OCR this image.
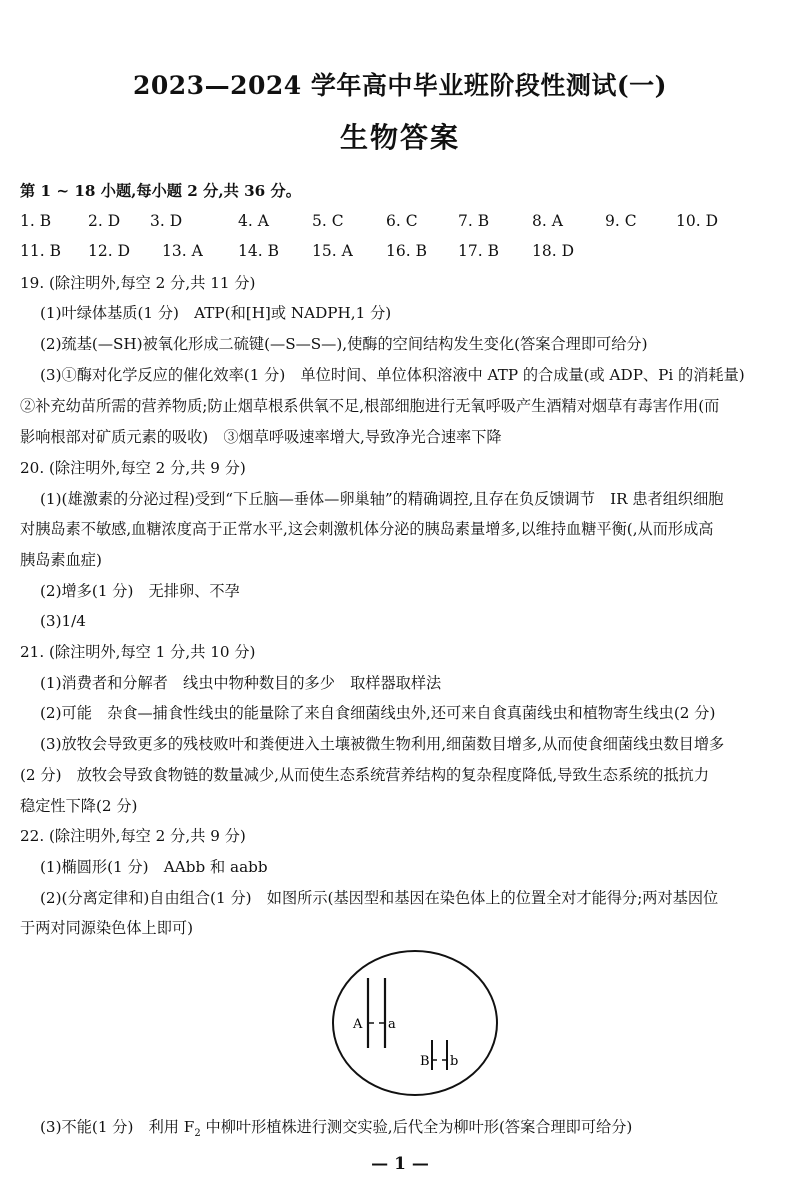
2023—2024 学年高中毕业班阶段性测试(一)
生物答案
第 1 ~ 18 小题,每小题 2 分,共 36 分。
1. B 2. D 3. D	4. A	5. C	6. C	7. B	8. A	9. C	10. D
11. B 12. D 13. A 14. B 15. A 16. B 17. B 18. D
19. (除注明外,每空 2 分,共 11 分)
(1)叶绿体基质(1 分)　ATP(和[H]或 NADPH,1 分)
(2)巯基(—SH)被氧化形成二硫键(—S—S—),使酶的空间结构发生变化(答案合理即可给分)
(3)①酶对化学反应的催化效率(1 分)　单位时间、单位体积溶液中 ATP 的合成量(或 ADP、Pi 的消耗量)
②补充幼苗所需的营养物质;防止烟草根系供氧不足,根部细胞进行无氧呼吸产生酒精对烟草有毒害作用(而
影响根部对矿质元素的吸收)　③烟草呼吸速率增大,导致净光合速率下降
20. (除注明外,每空 2 分,共 9 分)
(1)(雄激素的分泌过程)受到“下丘脑—垂体—卵巢轴”的精确调控,且存在负反馈调节　IR 患者组织细胞
对胰岛素不敏感,血糖浓度高于正常水平,这会刺激机体分泌的胰岛素量增多,以维持血糖平衡(,从而形成高
胰岛素血症)
(2)增多(1 分)　无排卵、不孕
(3)1/4
21. (除注明外,每空 1 分,共 10 分)
(1)消费者和分解者　线虫中物种数目的多少　取样器取样法
(2)可能　杂食—捕食性线虫的能量除了来自食细菌线虫外,还可来自食真菌线虫和植物寄生线虫(2 分)
(3)放牧会导致更多的残枝败叶和粪便进入土壤被微生物利用,细菌数目增多,从而使食细菌线虫数目增多
(2 分)　放牧会导致食物链的数量减少,从而使生态系统营养结构的复杂程度降低,导致生态系统的抵抗力
稳定性下降(2 分)
22. (除注明外,每空 2 分,共 9 分)
(1)椭圆形(1 分)　AAbb 和 aabb
(2)(分离定律和)自由组合(1 分)　如图所示(基因型和基因在染色体上的位置全对才能得分;两对基因位
于两对同源染色体上即可)
A a
B b
(3)不能(1 分)　利用 $F_2$ 中柳叶形植株进行测交实验,后代全为柳叶形(答案合理即可给分)
— 1 —
